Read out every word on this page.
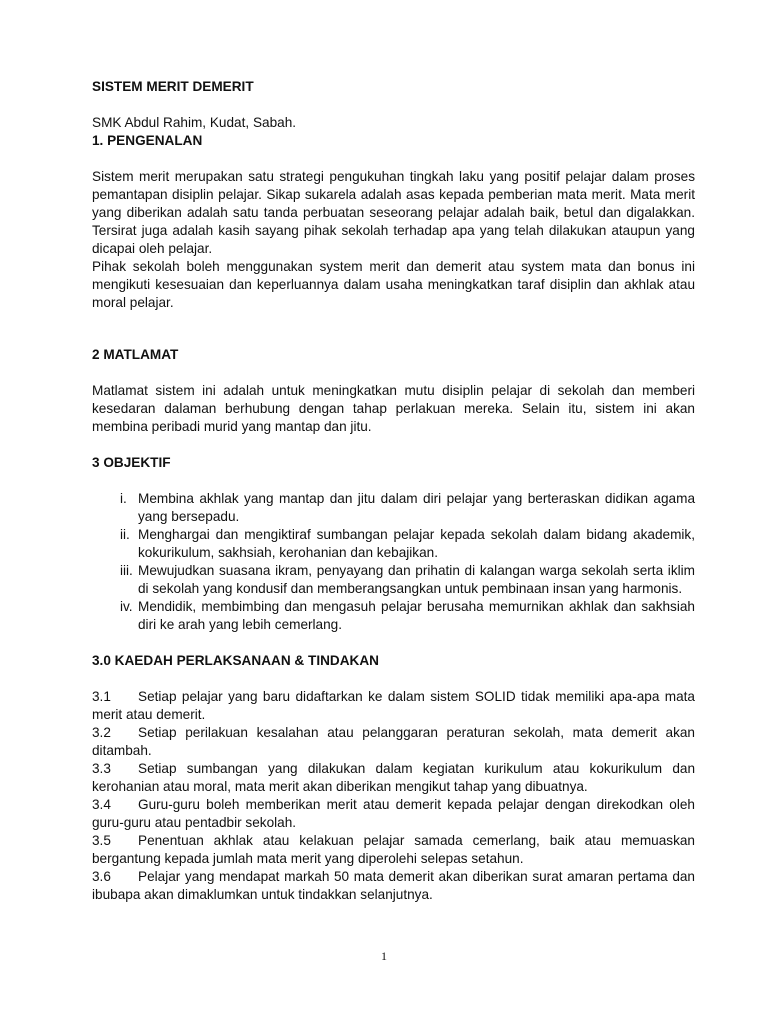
SISTEM MERIT DEMERIT

SMK Abdul Rahim, Kudat, Sabah.

1. PENGENALAN

Sistem merit merupakan satu strategi pengukuhan tingkah laku yang positif pelajar dalam proses pemantapan disiplin pelajar. Sikap sukarela adalah asas kepada pemberian mata merit. Mata merit yang diberikan adalah satu tanda perbuatan seseorang pelajar adalah baik, betul dan digalakkan. Tersirat juga adalah kasih sayang pihak sekolah terhadap apa yang telah dilakukan ataupun yang dicapai oleh pelajar.

Pihak sekolah boleh menggunakan system merit dan demerit atau system mata dan bonus ini mengikuti kesesuaian dan keperluannya dalam usaha meningkatkan taraf disiplin dan akhlak atau moral pelajar.

2 MATLAMAT

Matlamat sistem ini adalah untuk meningkatkan mutu disiplin pelajar di sekolah dan memberi kesedaran dalaman berhubung dengan tahap perlakuan mereka. Selain itu, sistem ini akan membina peribadi murid yang mantap dan jitu.

3 OBJEKTIF

i. Membina akhlak yang mantap dan jitu dalam diri pelajar yang berteraskan didikan agama yang bersepadu.
ii. Menghargai dan mengiktiraf sumbangan pelajar kepada sekolah dalam bidang akademik, kokurikulum, sakhsiah, kerohanian dan kebajikan.
iii. Mewujudkan suasana ikram, penyayang dan prihatin di kalangan warga sekolah serta iklim di sekolah yang kondusif dan memberangsangkan untuk pembinaan insan yang harmonis.
iv. Mendidik, membimbing dan mengasuh pelajar berusaha memurnikan akhlak dan sakhsiah diri ke arah yang lebih cemerlang.

3.0 KAEDAH PERLAKSANAAN & TINDAKAN

3.1 Setiap pelajar yang baru didaftarkan ke dalam sistem SOLID tidak memiliki apa-apa mata merit atau demerit.

3.2 Setiap perilakuan kesalahan atau pelanggaran peraturan sekolah, mata demerit akan ditambah.

3.3 Setiap sumbangan yang dilakukan dalam kegiatan kurikulum atau kokurikulum dan kerohanian atau moral, mata merit akan diberikan mengikut tahap yang dibuatnya.

3.4 Guru-guru boleh memberikan merit atau demerit kepada pelajar dengan direkodkan oleh guru-guru atau pentadbir sekolah.

3.5 Penentuan akhlak atau kelakuan pelajar samada cemerlang, baik atau memuaskan bergantung kepada jumlah mata merit yang diperolehi selepas setahun.

3.6 Pelajar yang mendapat markah 50 mata demerit akan diberikan surat amaran pertama dan ibubapa akan dimaklumkan untuk tindakkan selanjutnya.

1
